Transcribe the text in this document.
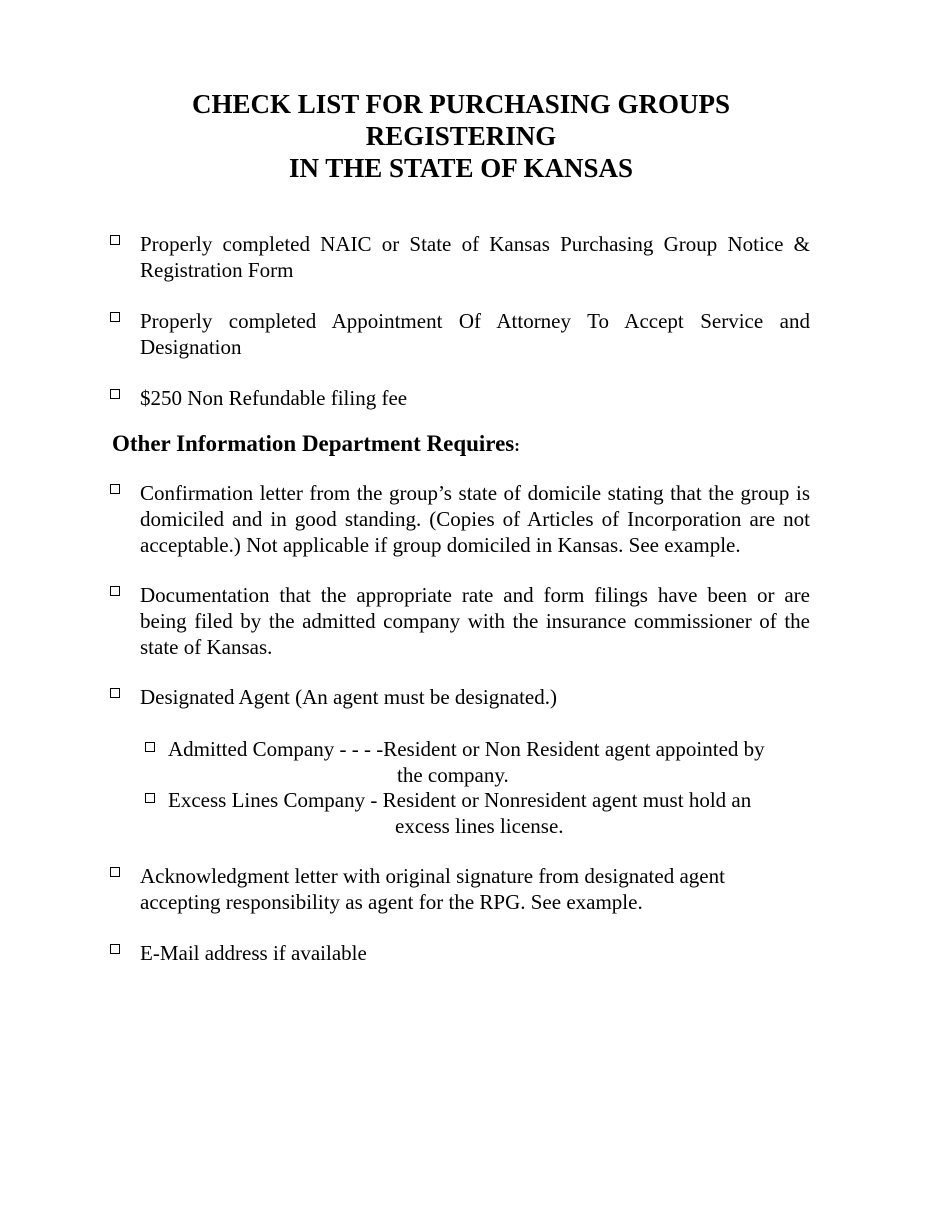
CHECK LIST FOR PURCHASING GROUPS
REGISTERING
IN THE STATE OF KANSAS
Properly completed NAIC or State of Kansas Purchasing Group Notice & Registration Form
Properly completed Appointment Of Attorney To Accept Service and Designation
$250 Non Refundable filing fee
Other Information Department Requires:
Confirmation letter from the group’s state of domicile stating that the group is domiciled and in good standing. (Copies of Articles of Incorporation are not acceptable.) Not applicable if group domiciled in Kansas. See example.
Documentation that the appropriate rate and form filings have been or are being filed by the admitted company with the insurance commissioner of the state of Kansas.
Designated Agent (An agent must be designated.)
Admitted Company - - - - Resident or Non Resident agent appointed by
the company.
Excess Lines Company - Resident or Nonresident agent must hold an
excess lines license.
Acknowledgment letter with original signature from designated agent accepting responsibility as agent for the RPG. See example.
E-Mail address if available
